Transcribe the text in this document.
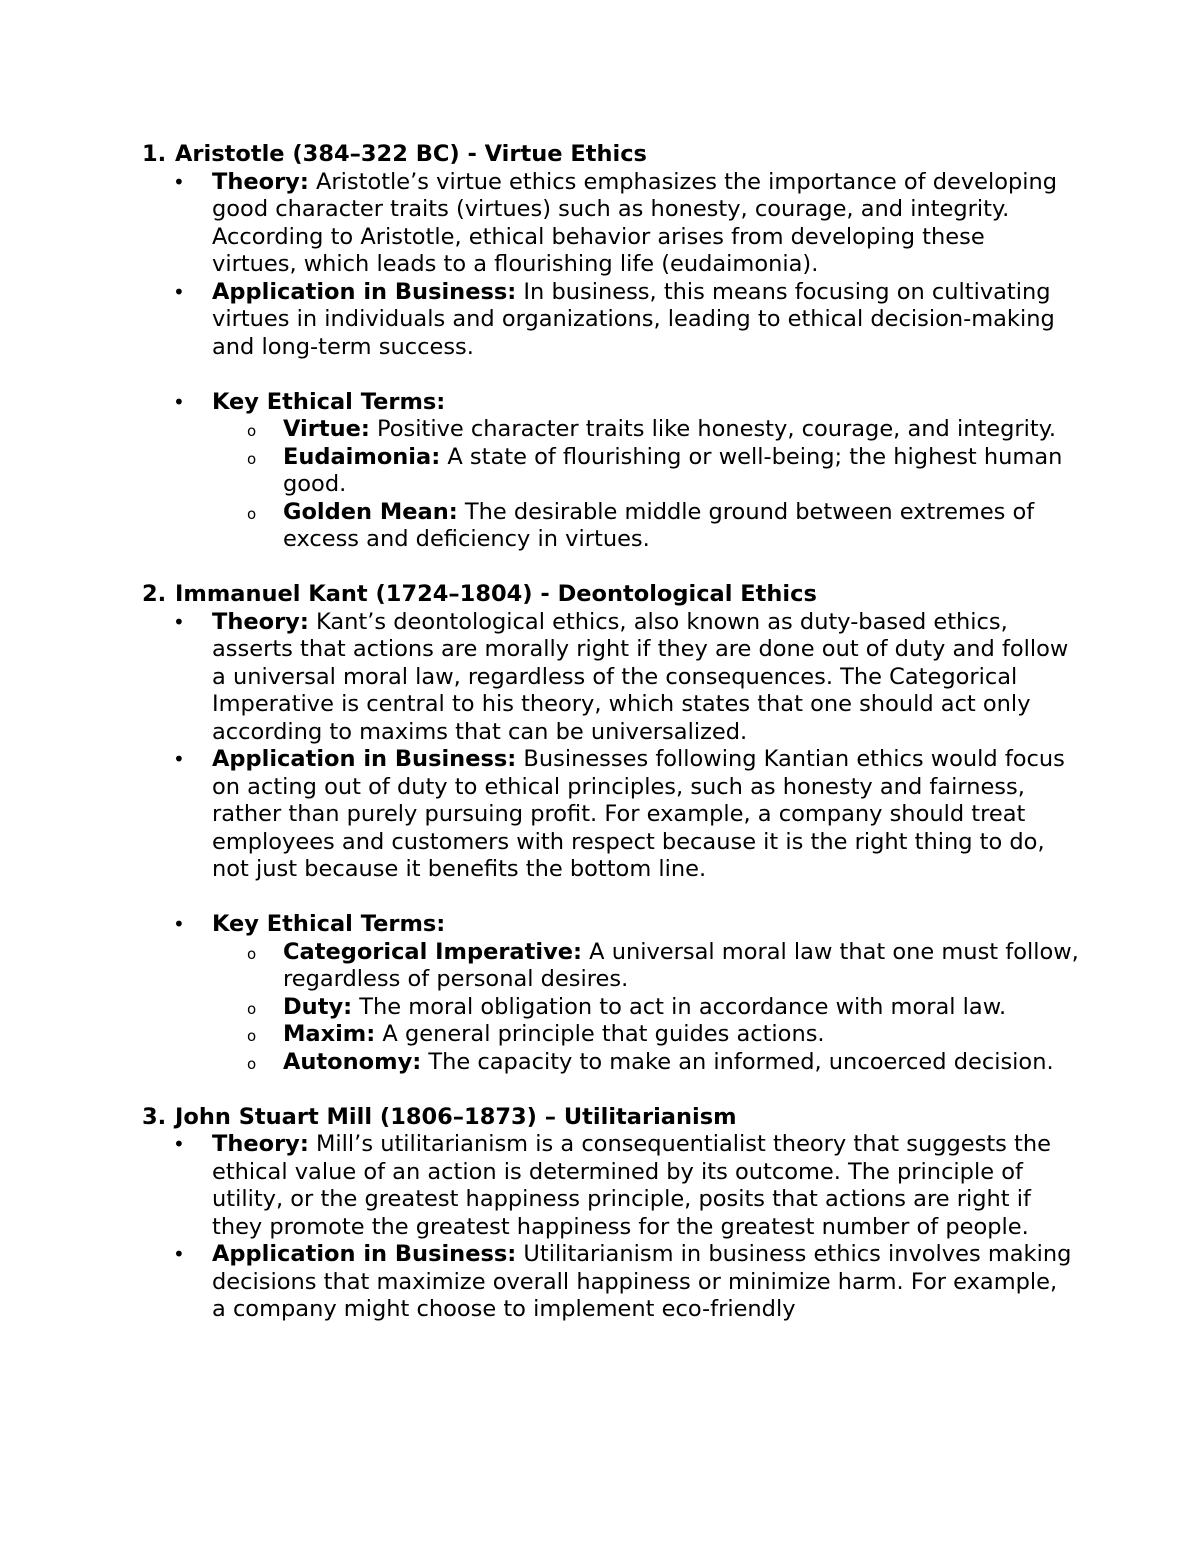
1. Aristotle (384–322 BC) - Virtue Ethics
• Theory: Aristotle’s virtue ethics emphasizes the importance of developing good character traits (virtues) such as honesty, courage, and integrity. According to Aristotle, ethical behavior arises from developing these virtues, which leads to a flourishing life (eudaimonia).
• Application in Business: In business, this means focusing on cultivating virtues in individuals and organizations, leading to ethical decision-making and long-term success.
• Key Ethical Terms:
o Virtue: Positive character traits like honesty, courage, and integrity.
o Eudaimonia: A state of flourishing or well-being; the highest human good.
o Golden Mean: The desirable middle ground between extremes of excess and deficiency in virtues.
2. Immanuel Kant (1724–1804) - Deontological Ethics
• Theory: Kant’s deontological ethics, also known as duty-based ethics, asserts that actions are morally right if they are done out of duty and follow a universal moral law, regardless of the consequences. The Categorical Imperative is central to his theory, which states that one should act only according to maxims that can be universalized.
• Application in Business: Businesses following Kantian ethics would focus on acting out of duty to ethical principles, such as honesty and fairness, rather than purely pursuing profit. For example, a company should treat employees and customers with respect because it is the right thing to do, not just because it benefits the bottom line.
• Key Ethical Terms:
o Categorical Imperative: A universal moral law that one must follow, regardless of personal desires.
o Duty: The moral obligation to act in accordance with moral law.
o Maxim: A general principle that guides actions.
o Autonomy: The capacity to make an informed, uncoerced decision.
3. John Stuart Mill (1806–1873) – Utilitarianism
• Theory: Mill’s utilitarianism is a consequentialist theory that suggests the ethical value of an action is determined by its outcome. The principle of utility, or the greatest happiness principle, posits that actions are right if they promote the greatest happiness for the greatest number of people.
• Application in Business: Utilitarianism in business ethics involves making decisions that maximize overall happiness or minimize harm. For example, a company might choose to implement eco-friendly
